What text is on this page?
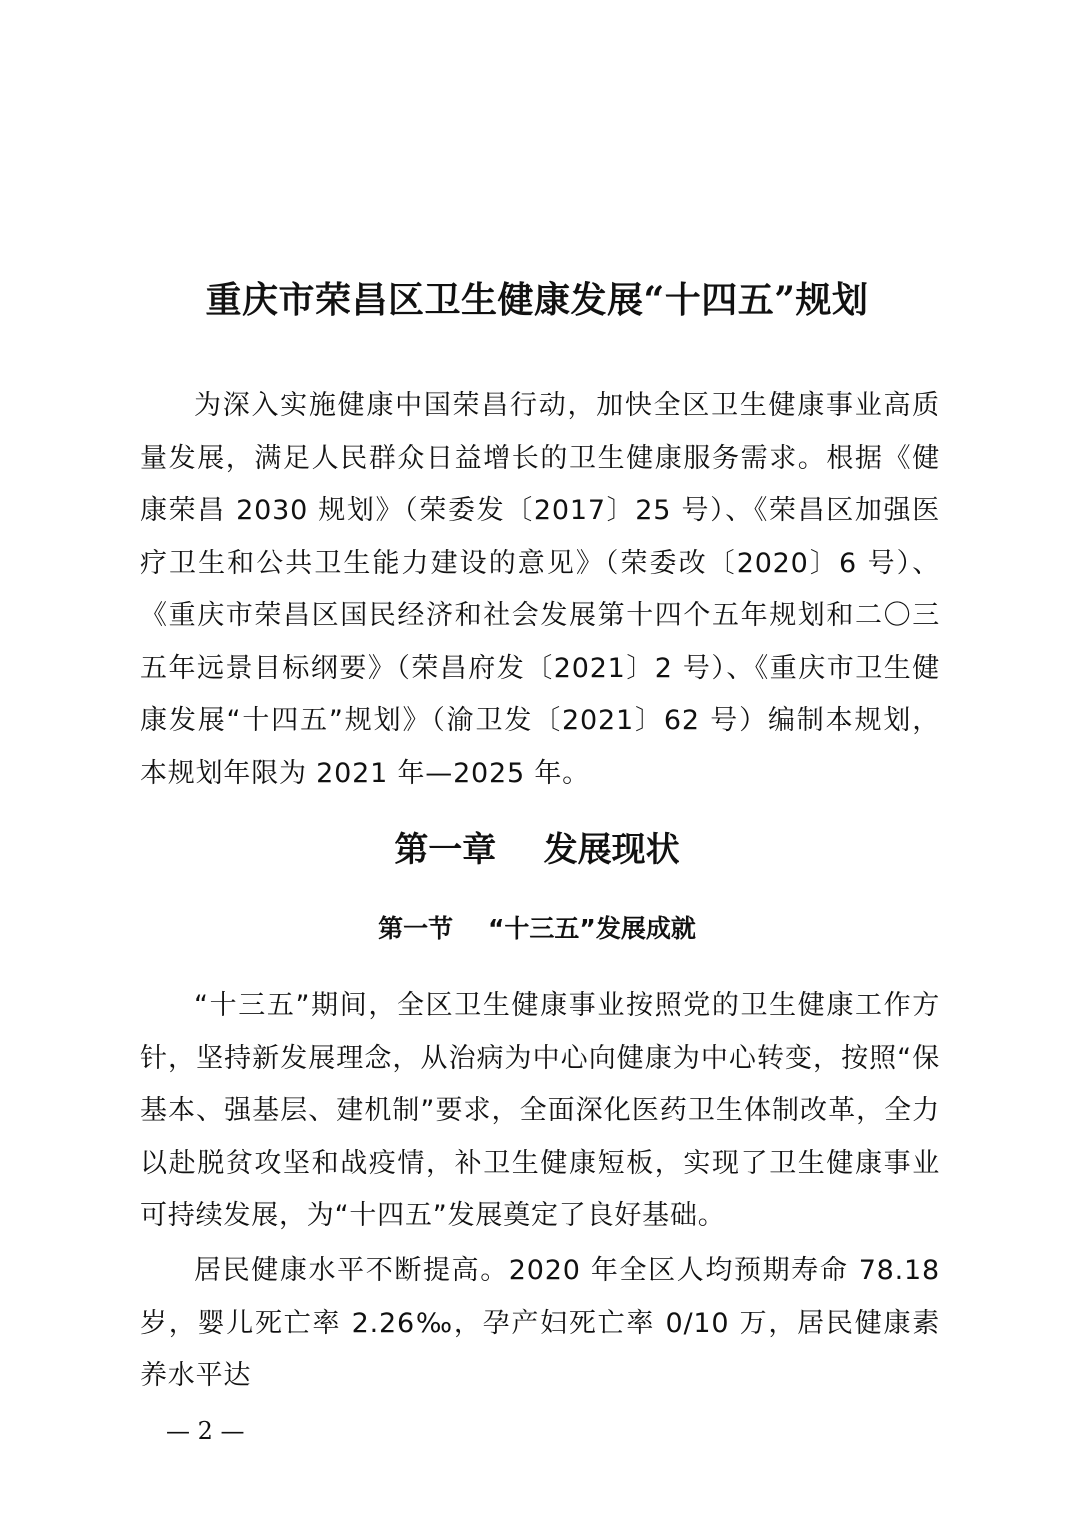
重庆市荣昌区卫生健康发展“十四五”规划

为深入实施健康中国荣昌行动，加快全区卫生健康事业高质量发展，满足人民群众日益增长的卫生健康服务需求。根据《健康荣昌 2030 规划》（荣委发〔2017〕25 号）、《荣昌区加强医疗卫生和公共卫生能力建设的意见》（荣委改〔2020〕6 号）、《重庆市荣昌区国民经济和社会发展第十四个五年规划和二〇三五年远景目标纲要》（荣昌府发〔2021〕2 号）、《重庆市卫生健康发展“十四五”规划》（渝卫发〔2021〕62 号）编制本规划，本规划年限为 2021 年—2025 年。

第一章    发展现状
第一节    “十三五”发展成就

“十三五”期间，全区卫生健康事业按照党的卫生健康工作方针，坚持新发展理念，从治病为中心向健康为中心转变，按照“保基本、强基层、建机制”要求，全面深化医药卫生体制改革，全力以赴脱贫攻坚和战疫情，补卫生健康短板，实现了卫生健康事业可持续发展，为“十四五”发展奠定了良好基础。

居民健康水平不断提高。2020 年全区人均预期寿命 78.18 岁，婴儿死亡率 2.26‰，孕产妇死亡率 0/10 万，居民健康素养水平达

— 2 —
